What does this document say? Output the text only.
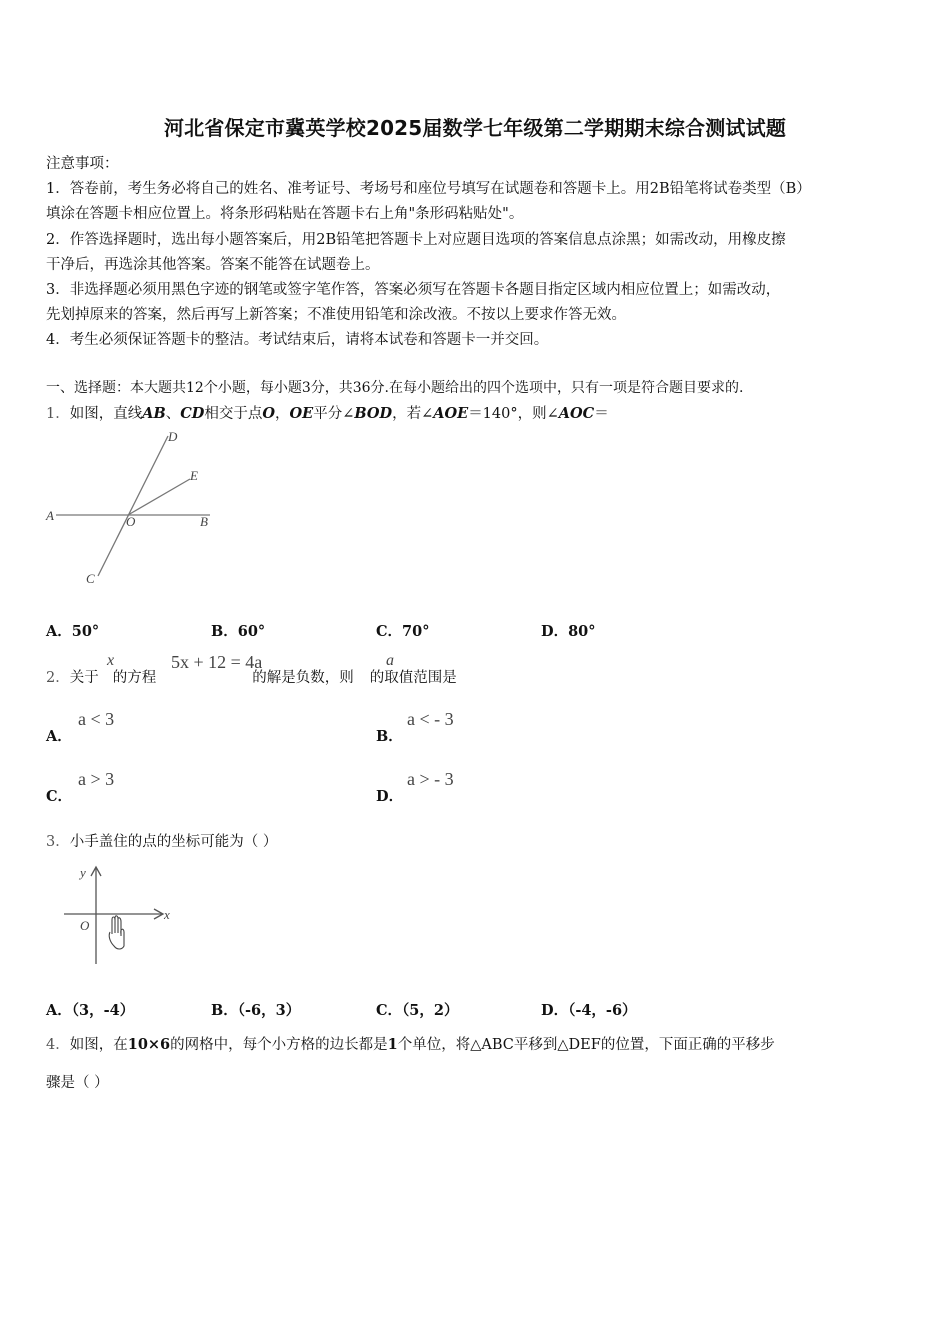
河北省保定市冀英学校2025届数学七年级第二学期期末综合测试试题
注意事项：
1．答卷前，考生务必将自己的姓名、准考证号、考场号和座位号填写在试题卷和答题卡上。用2B铅笔将试卷类型（B）
填涂在答题卡相应位置上。将条形码粘贴在答题卡右上角"条形码粘贴处"。
2．作答选择题时，选出每小题答案后，用2B铅笔把答题卡上对应题目选项的答案信息点涂黑；如需改动，用橡皮擦
干净后，再选涂其他答案。答案不能答在试题卷上。
3．非选择题必须用黑色字迹的钢笔或签字笔作答，答案必须写在答题卡各题目指定区域内相应位置上；如需改动，
先划掉原来的答案，然后再写上新答案；不准使用铅笔和涂改液。不按以上要求作答无效。
4．考生必须保证答题卡的整洁。考试结束后，请将本试卷和答题卡一并交回。
一、选择题：本大题共12个小题，每小题3分，共36分.在每小题给出的四个选项中，只有一项是符合题目要求的.
1．如图，直线AB、CD相交于点O，OE平分∠BOD，若∠AOE＝140°，则∠AOC＝
A	B
C
D
E
O
A．50°	B．60°	C．70°	D．80°
2．关于 的方程	的解是负数，则 的取值范围是
x	5x + 12 = 4a	a
A．
a < 3
B．
a < - 3
C．
a > 3
D．
a > - 3
3．小手盖住的点的坐标可能为（ ）
x
y
O
A．（3，-4）	B．（-6，3）	C．（5，2）	D．（-4，-6）
4．如图，在10×6的网格中，每个小方格的边长都是1个单位，将△ABC平移到△DEF的位置，下面正确的平移步
骤是（ ）
